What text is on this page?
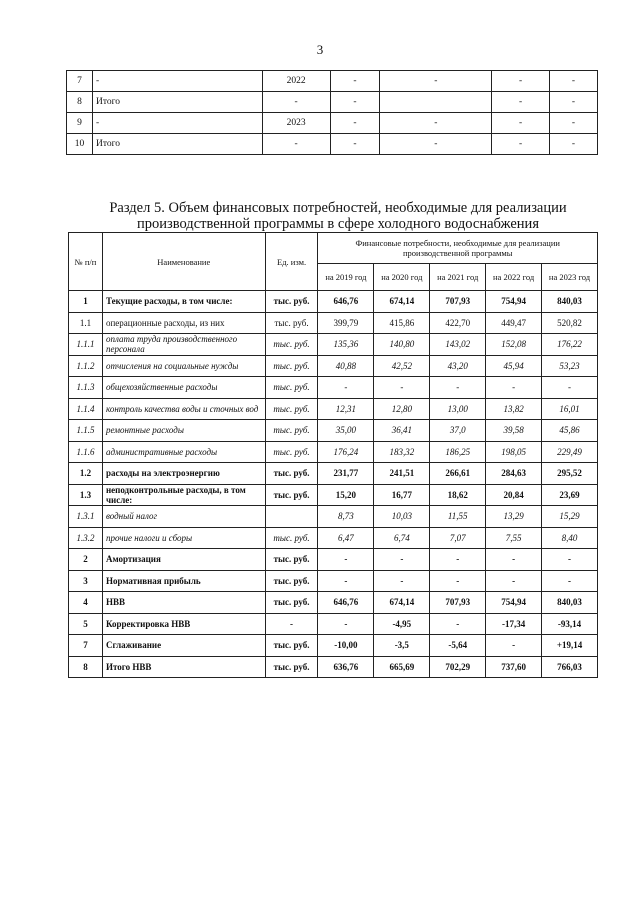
3
7	-	2022	-	-	-	-
8	Итого	-	-		-	-
9	-	2023	-	-	-	-
10	Итого	-	-	-	-	-
Раздел 5. Объем финансовых потребностей, необходимые для реализации производственной программы в сфере холодного водоснабжения
№ п/п	Наименование	Ед. изм.	Финансовые потребности, необходимые для реализации производственной программы				
			на 2019 год	на 2020 год	на 2021 год	на 2022 год	на 2023 год
1	Текущие расходы, в том числе:	тыс. руб.	646,76	674,14	707,93	754,94	840,03
1.1	операционные расходы, из них	тыс. руб.	399,79	415,86	422,70	449,47	520,82
1.1.1	оплата труда производственного персонала	тыс. руб.	135,36	140,80	143,02	152,08	176,22
1.1.2	отчисления на социальные нужды	тыс. руб.	40,88	42,52	43,20	45,94	53,23
1.1.3	общехозяйственные расходы	тыс. руб.	-	-	-	-	-
1.1.4	контроль качества воды и сточных вод	тыс. руб.	12,31	12,80	13,00	13,82	16,01
1.1.5	ремонтные расходы	тыс. руб.	35,00	36,41	37,0	39,58	45,86
1.1.6	административные расходы	тыс. руб.	176,24	183,32	186,25	198,05	229,49
1.2	расходы на электроэнергию	тыс. руб.	231,77	241,51	266,61	284,63	295,52
1.3	неподконтрольные расходы, в том числе:	тыс. руб.	15,20	16,77	18,62	20,84	23,69
1.3.1	водный налог		8,73	10,03	11,55	13,29	15,29
1.3.2	прочие налоги и сборы	тыс. руб.	6,47	6,74	7,07	7,55	8,40
2	Амортизация	тыс. руб.	-	-	-	-	-
3	Нормативная прибыль	тыс. руб.	-	-	-	-	-
4	НВВ	тыс. руб.	646,76	674,14	707,93	754,94	840,03
5	Корректировка НВВ	-	-	-4,95	-	-17,34	-93,14
7	Сглаживание	тыс. руб.	-10,00	-3,5	-5,64	-	+19,14
8	Итого НВВ	тыс. руб.	636,76	665,69	702,29	737,60	766,03
